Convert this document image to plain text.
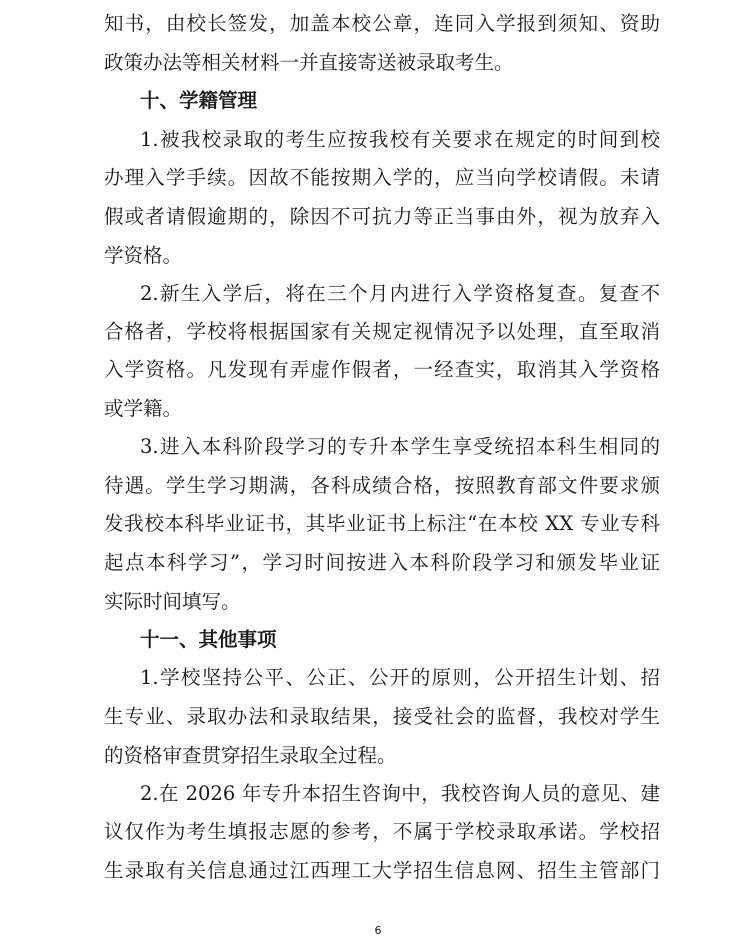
知书，由校长签发，加盖本校公章，连同入学报到须知、资助
政策办法等相关材料一并直接寄送被录取考生。
十、学籍管理
1.被我校录取的考生应按我校有关要求在规定的时间到校
办理入学手续。因故不能按期入学的，应当向学校请假。未请
假或者请假逾期的，除因不可抗力等正当事由外，视为放弃入
学资格。
2.新生入学后，将在三个月内进行入学资格复查。复查不
合格者，学校将根据国家有关规定视情况予以处理，直至取消
入学资格。凡发现有弄虚作假者，一经查实，取消其入学资格
或学籍。
3.进入本科阶段学习的专升本学生享受统招本科生相同的
待遇。学生学习期满，各科成绩合格，按照教育部文件要求颁
发我校本科毕业证书，其毕业证书上标注“在本校 XX 专业专科
起点本科学习”，学习时间按进入本科阶段学习和颁发毕业证
实际时间填写。
十一、其他事项
1.学校坚持公平、公正、公开的原则，公开招生计划、招
生专业、录取办法和录取结果，接受社会的监督，我校对学生
的资格审查贯穿招生录取全过程。
2.在 2026 年专升本招生咨询中，我校咨询人员的意见、建
议仅作为考生填报志愿的参考，不属于学校录取承诺。学校招
生录取有关信息通过江西理工大学招生信息网、招生主管部门
6
